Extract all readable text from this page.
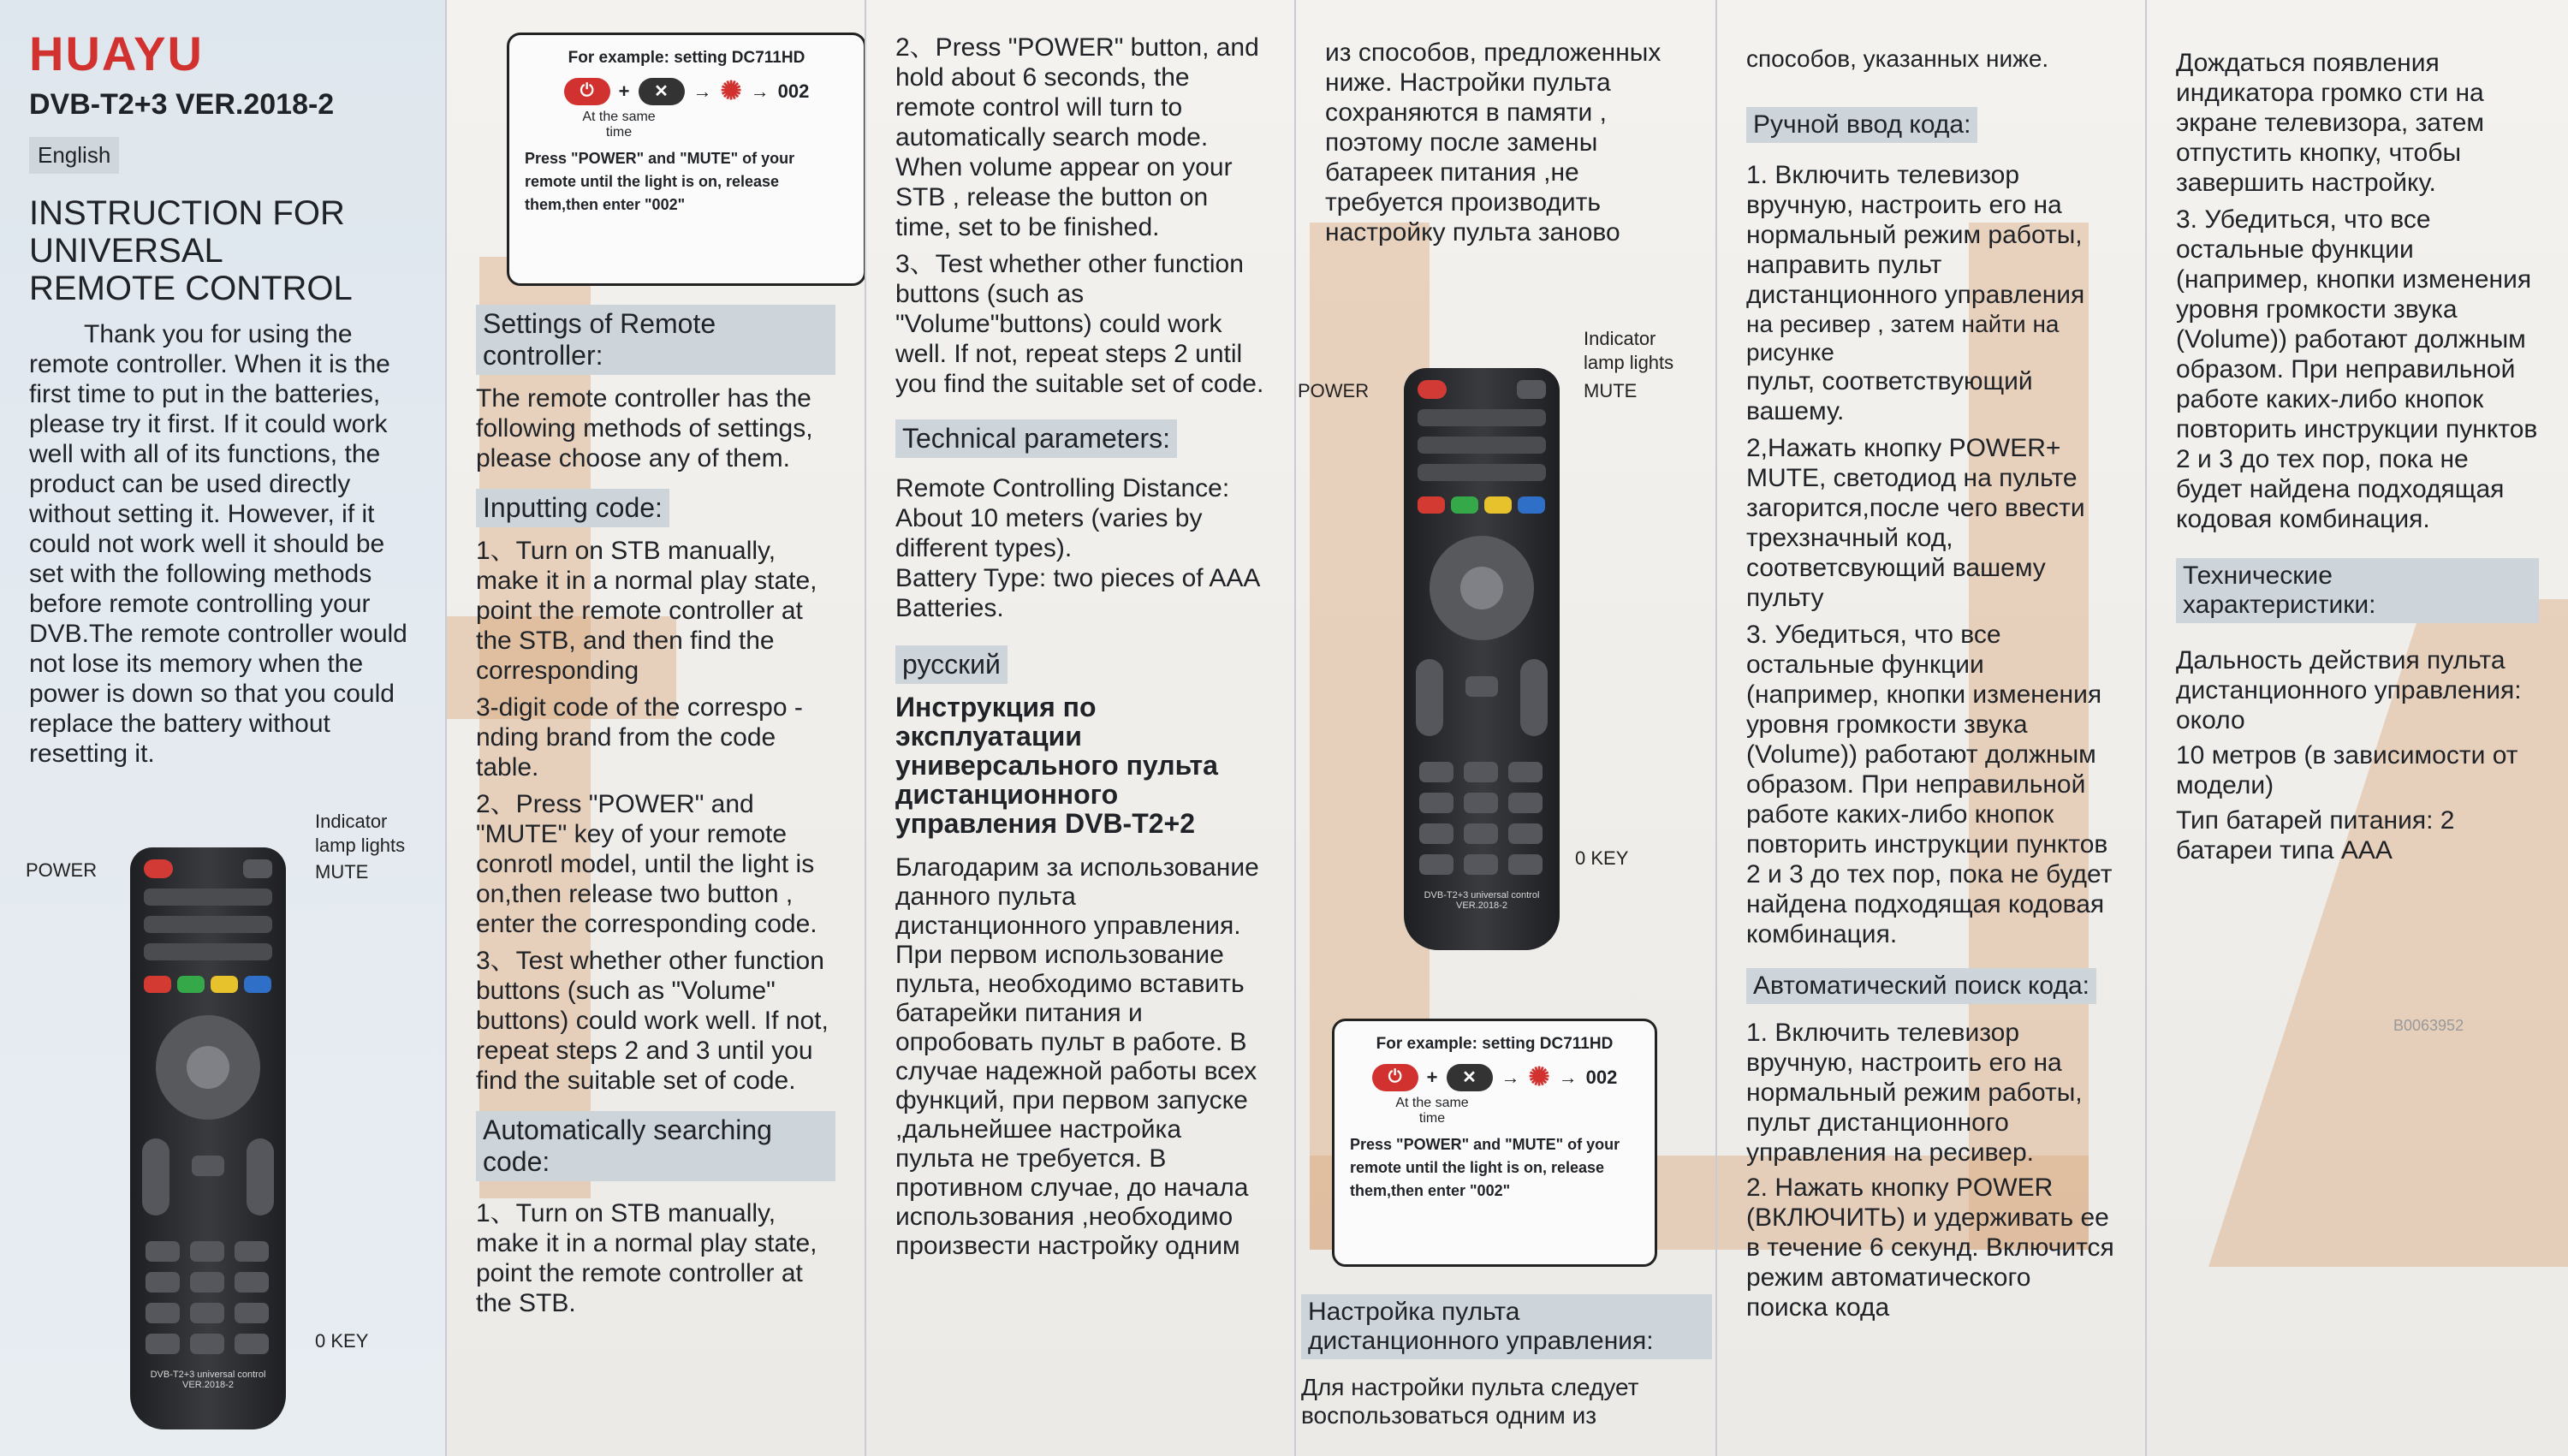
HUAYU
DVB-T2+3 VER.2018-2
English
INSTRUCTION FOR
UNIVERSAL
REMOTE CONTROL
Thank you for using the remote controller. When it is the first time to put in the batteries, please try it first. If it could work well with all of its functions, the product can be used directly without setting it. However, if it could not work well it should be set with the following methods before remote controlling your DVB.The remote controller would not lose its memory when the power is down so that you could replace the battery without resetting it.
Indicator
lamp lights
MUTE
POWER
0 KEY
DVB-T2+3 universal control VER.2018-2
For example: setting DC711HD
⏻	+	✕	→ ✺ → 002
At the same time
Press "POWER" and "MUTE" of your remote until the light is on, release them,then enter "002"
Settings of Remote controller:
The remote controller has the following methods of settings, please choose any of them.
Inputting code:
1、Turn on STB manually, make it in a normal play state, point the remote controller at the STB, and then find the corresponding
3-digit code of the correspo -nding brand from the code table.
2、Press "POWER" and "MUTE" key of your remote conrotl model, until the light is on,then release two button , enter the corresponding code.
3、Test whether other function buttons (such as "Volume" buttons) could work well. If not, repeat steps 2 and 3 until you find the suitable set of code.
Automatically searching code:
1、Turn on STB manually, make it in a normal play state, point the remote controller at the STB.
2、Press "POWER" button, and hold about 6 seconds, the remote control will turn to automatically search mode. When volume appear on your STB , release the button on time, set to be finished.
3、Test whether other function buttons (such as "Volume"buttons) could work well. If not, repeat steps 2 until you find the suitable set of code.
Technical parameters:
Remote Controlling Distance: About 10 meters (varies by different types).
Battery Type: two pieces of AAA Batteries.
русский
Инструкция по эксплуатации универсального пульта дистанционного управления DVB-T2+2
Благодарим за использование данного пульта дистанционного управления. При первом использование пульта, необходимо вставить батарейки питания и опробовать пульт в работе. В случае надежной работы всех функций, при первом запуске ,дальнейшее настройка пульта не требуется. В противном случае, до начала использования ,необходимо произвести настройку одним
из способов, предложенных ниже. Настройки пульта сохраняются в памяти , поэтому после замены батареек питания ,не требуется производить настройку пульта заново
Indicator
lamp lights
MUTE
POWER
0 KEY
DVB-T2+3 universal control VER.2018-2
For example: setting DC711HD
⏻	+	✕	→ ✺ → 002
At the same time
Press "POWER" and "MUTE" of your remote until the light is on, release them,then enter "002"
Настройка пульта дистанционного управления:
Для настройки пульта следует воспользоваться одним из
способов, указанных ниже.
Ручной ввод кода:
1. Включить телевизор вручную, настроить его на нормальный режим работы, направить пульт дистанционного управления
на ресивер , затем найти на рисунке
пульт, соответствующий вашему.
2,Нажать кнопку POWER+ MUTE, светодиод на пульте загорится,после чего ввести трехзначный код, соответсвующий вашему пульту
3. Убедиться, что все остальные функции (например, кнопки изменения уровня громкости звука (Volume)) работают должным образом. При неправильной работе каких-либо кнопок повторить инструкции пунктов 2 и 3 до тех пор, пока не будет найдена подходящая кодовая комбинация.
Автоматический поиск кода:
1. Включить телевизор вручную, настроить его на нормальный режим работы, пульт дистанционного управления на ресивер.
2. Нажать кнопку POWER (ВКЛЮЧИТЬ) и удерживать ее в течение 6 секунд. Включится режим автоматического поиска кода
Дождаться появления индикатора громко сти на экране телевизора, затем отпустить кнопку, чтобы завершить настройку.
3. Убедиться, что все остальные функции (например, кнопки изменения уровня громкости звука (Volume)) работают должным образом. При неправильной работе каких-либо кнопок повторить инструкции пунктов 2 и 3 до тех пор, пока не будет найдена подходящая кодовая комбинация.
Технические характеристики:
Дальность действия пульта дистанционного управления: около
10 метров (в зависимости от модели)
Тип батарей питания: 2 батареи типа ААА
B0063952
